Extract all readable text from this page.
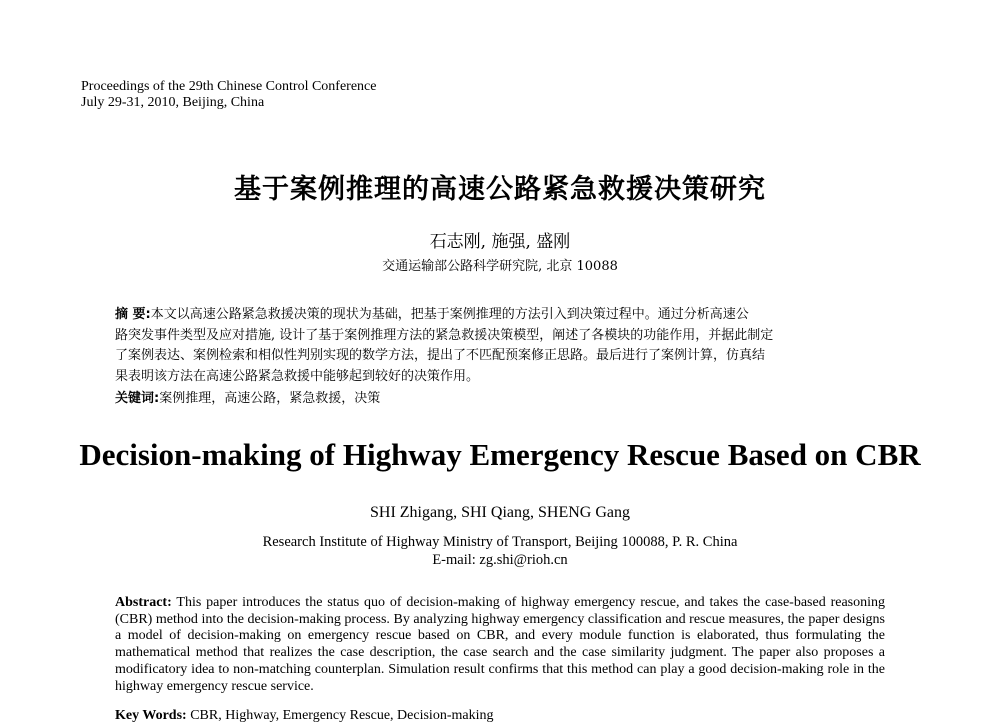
Proceedings of the 29th Chinese Control Conference
July 29-31, 2010, Beijing, China
基于案例推理的高速公路紧急救援决策研究
石志刚, 施强, 盛刚
交通运输部公路科学研究院, 北京 10088
摘 要:本文以高速公路紧急救援决策的现状为基础，把基于案例推理的方法引入到决策过程中。通过分析高速公
路突发事件类型及应对措施, 设计了基于案例推理方法的紧急救援决策模型，阐述了各模块的功能作用，并据此制定
了案例表达、案例检索和相似性判别实现的数学方法，提出了不匹配预案修正思路。最后进行了案例计算，仿真结
果表明该方法在高速公路紧急救援中能够起到较好的决策作用。
关键词:案例推理，高速公路，紧急救援，决策
Decision-making of Highway Emergency Rescue Based on CBR
SHI Zhigang, SHI Qiang, SHENG Gang
Research Institute of Highway Ministry of Transport, Beijing 100088, P. R. China
E-mail: zg.shi@rioh.cn
Abstract: This paper introduces the status quo of decision-making of highway emergency rescue, and takes the case-based reasoning (CBR) method into the decision-making process. By analyzing highway emergency classification and rescue measures, the paper designs a model of decision-making on emergency rescue based on CBR, and every module function is elaborated, thus formulating the mathematical method that realizes the case description, the case search and the case similarity judgment. The paper also proposes a modificatory idea to non-matching counterplan. Simulation result confirms that this method can play a good decision-making role in the highway emergency rescue service.
Key Words: CBR, Highway, Emergency Rescue, Decision-making
